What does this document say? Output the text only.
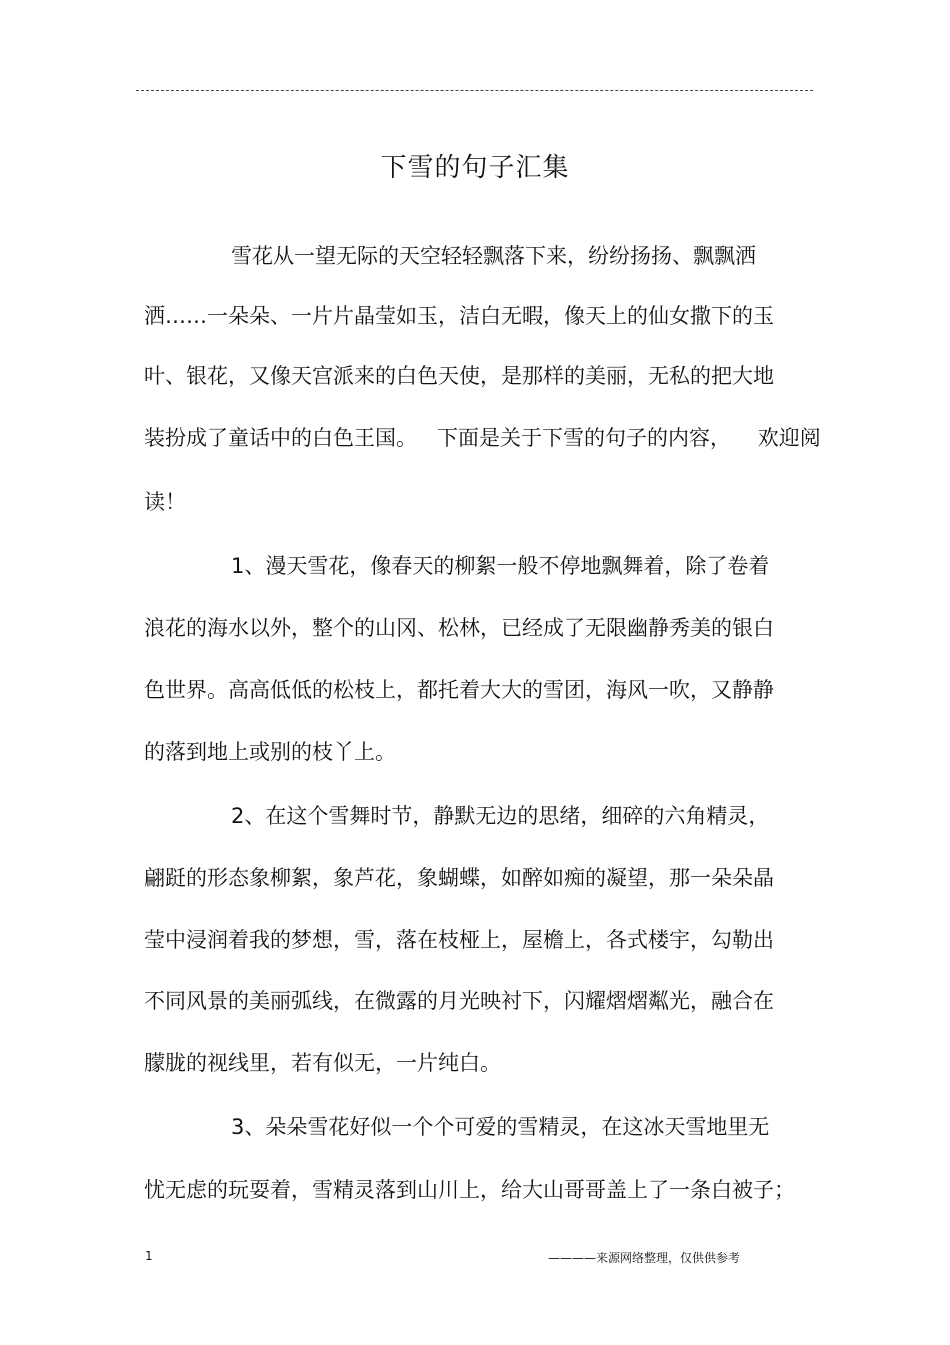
下雪的句子汇集
雪花从一望无际的天空轻轻飘落下来，纷纷扬扬、飘飘洒
洒……一朵朵、一片片晶莹如玉，洁白无暇，像天上的仙女撒下的玉
叶、银花，又像天宫派来的白色天使，是那样的美丽，无私的把大地
装扮成了童话中的白色王国。   下面是关于下雪的句子的内容，    欢迎阅
读！
1、漫天雪花，像春天的柳絮一般不停地飘舞着，除了卷着
浪花的海水以外，整个的山冈、松林，已经成了无限幽静秀美的银白
色世界。高高低低的松枝上，都托着大大的雪团，海风一吹，又静静
的落到地上或别的枝丫上。
2、在这个雪舞时节，静默无边的思绪，细碎的六角精灵，
翩跹的形态象柳絮，象芦花，象蝴蝶，如醉如痴的凝望，那一朵朵晶
莹中浸润着我的梦想，雪，落在枝桠上，屋檐上，各式楼宇，勾勒出
不同风景的美丽弧线，在微露的月光映衬下，闪耀熠熠粼光，融合在
朦胧的视线里，若有似无，一片纯白。
3、朵朵雪花好似一个个可爱的雪精灵，在这冰天雪地里无
忧无虑的玩耍着，雪精灵落到山川上，给大山哥哥盖上了一条白被子；
1	————来源网络整理，仅供供参考
